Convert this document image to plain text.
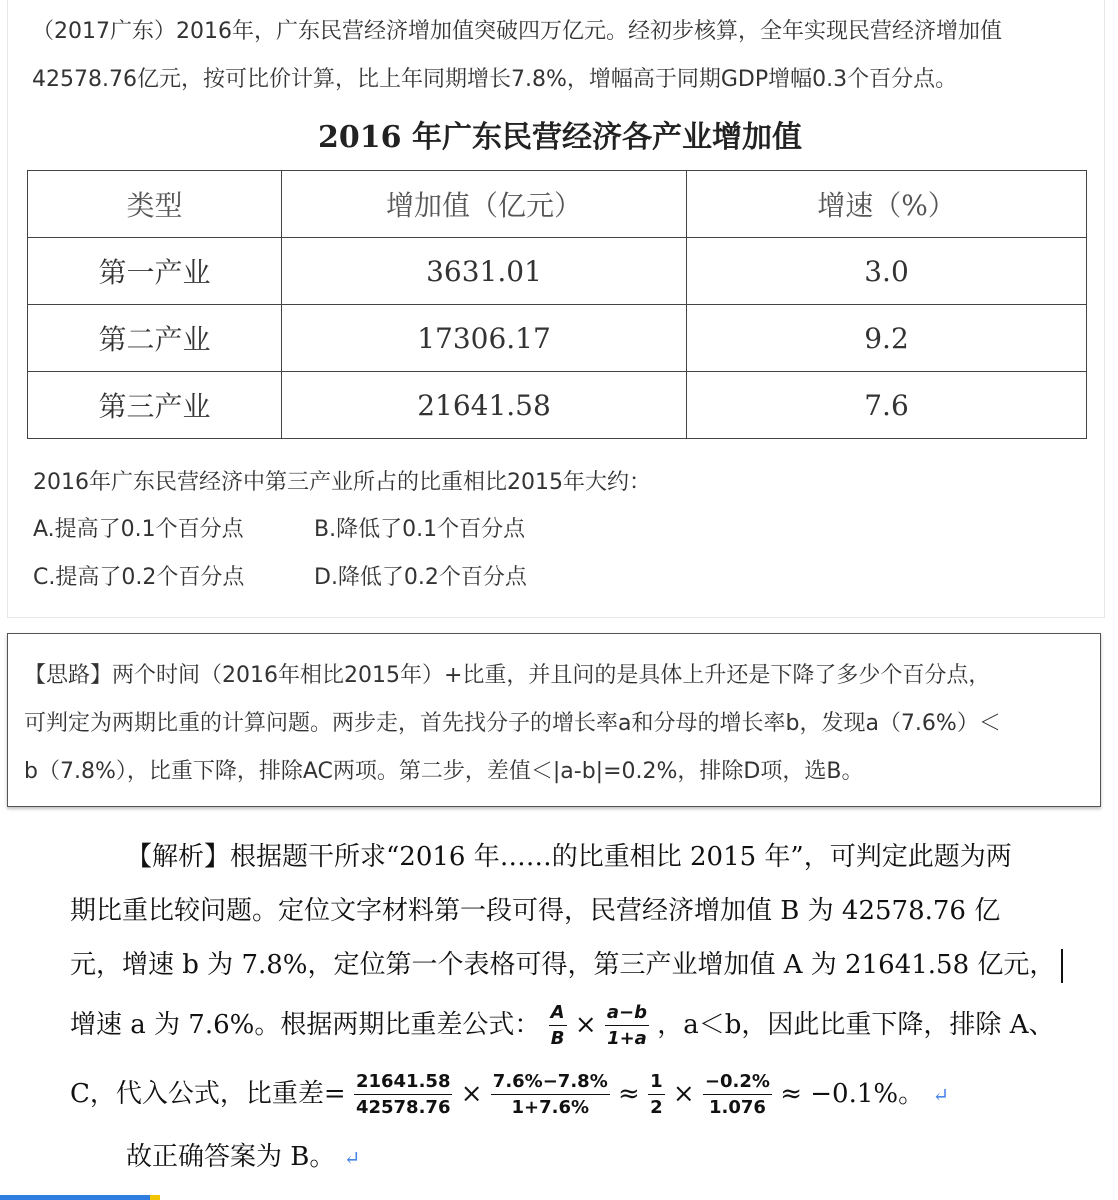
（2017广东）2016年，广东民营经济增加值突破四万亿元。经初步核算，全年实现民营经济增加值
42578.76亿元，按可比价计算，比上年同期增长7.8%，增幅高于同期GDP增幅0.3个百分点。
2016 年广东民营经济各产业增加值
类型	增加值（亿元）	增速（%）
第一产业	3631.01	3.0
第二产业	17306.17	9.2
第三产业	21641.58	7.6
2016年广东民营经济中第三产业所占的比重相比2015年大约：
A.提高了0.1个百分点	B.降低了0.1个百分点
C.提高了0.2个百分点	D.降低了0.2个百分点
【思路】两个时间（2016年相比2015年）+比重，并且问的是具体上升还是下降了多少个百分点，
可判定为两期比重的计算问题。两步走，首先找分子的增长率a和分母的增长率b，发现a（7.6%）＜
b（7.8%），比重下降，排除AC两项。第二步，差值＜|a-b|=0.2%，排除D项，选B。
【解析】根据题干所求“2016 年……的比重相比 2015 年”，可判定此题为两
期比重比较问题。定位文字材料第一段可得，民营经济增加值 B 为 42578.76 亿
元，增速 b 为 7.8%，定位第一个表格可得，第三产业增加值 A 为 21641.58 亿元，
增速 a 为 7.6%。根据两期比重差公式： $\frac{A}{B} \times \frac{a-b}{1+a}$ ，a＜b，因此比重下降，排除 A、
C，代入公式，比重差= $\frac{21641.58}{42578.76} \times \frac{7.6\%-7.8\%}{1+7.6\%} \approx \frac{1}{2} \times \frac{-0.2\%}{1.076} \approx -0.1\%$。 ↵
故正确答案为 B。 ↵
